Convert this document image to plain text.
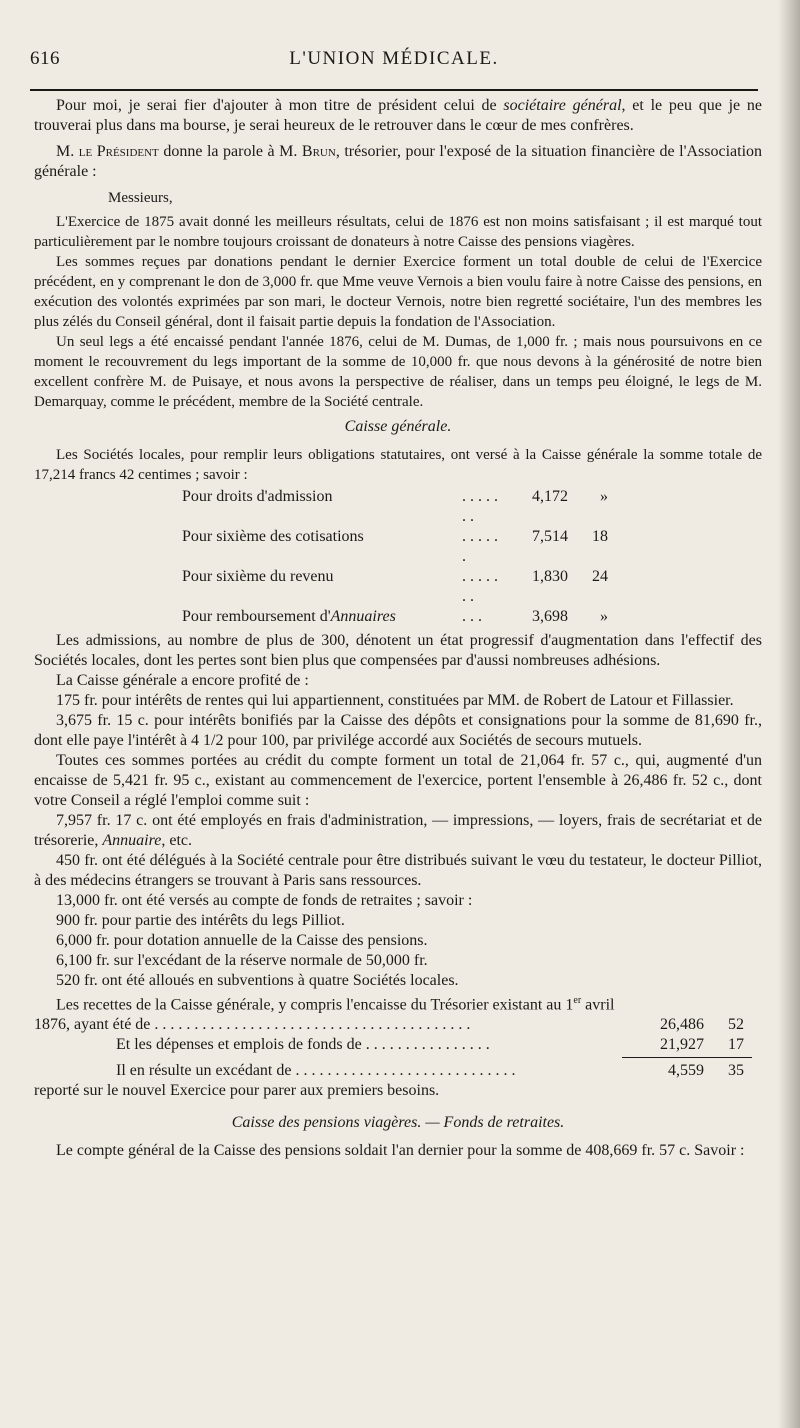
616	L'UNION MÉDICALE.

Pour moi, je serai fier d'ajouter à mon titre de président celui de sociétaire général, et le peu que je ne trouverai plus dans ma bourse, je serai heureux de le retrouver dans le cœur de mes confrères.

M. le Président donne la parole à M. Brun, trésorier, pour l'exposé de la situation financière de l'Association générale :

Messieurs,

L'Exercice de 1875 avait donné les meilleurs résultats, celui de 1876 est non moins satisfaisant ; il est marqué tout particulièrement par le nombre toujours croissant de donateurs à notre Caisse des pensions viagères.

Les sommes reçues par donations pendant le dernier Exercice forment un total double de celui de l'Exercice précédent, en y comprenant le don de 3,000 fr. que Mme veuve Vernois a bien voulu faire à notre Caisse des pensions, en exécution des volontés exprimées par son mari, le docteur Vernois, notre bien regretté sociétaire, l'un des membres les plus zélés du Conseil général, dont il faisait partie depuis la fondation de l'Association.

Un seul legs a été encaissé pendant l'année 1876, celui de M. Dumas, de 1,000 fr. ; mais nous poursuivons en ce moment le recouvrement du legs important de la somme de 10,000 fr. que nous devons à la générosité de notre bien excellent confrère M. de Puisaye, et nous avons la perspective de réaliser, dans un temps peu éloigné, le legs de M. Demarquay, comme le précédent, membre de la Société centrale.

Caisse générale.

Les Sociétés locales, pour remplir leurs obligations statutaires, ont versé à la Caisse générale la somme totale de 17,214 francs 42 centimes ; savoir :

Pour droits d'admission	. . . . . . .	4,172	»
Pour sixième des cotisations	. . . . . .	7,514	18
Pour sixième du revenu	. . . . . . .	1,830	24
Pour remboursement d'Annuaires	. . .	3,698	»

Les admissions, au nombre de plus de 300, dénotent un état progressif d'augmentation dans l'effectif des Sociétés locales, dont les pertes sont bien plus que compensées par d'aussi nombreuses adhésions.

La Caisse générale a encore profité de :

175 fr. pour intérêts de rentes qui lui appartiennent, constituées par MM. de Robert de Latour et Fillassier.

3,675 fr. 15 c. pour intérêts bonifiés par la Caisse des dépôts et consignations pour la somme de 81,690 fr., dont elle paye l'intérêt à 4 1/2 pour 100, par privilége accordé aux Sociétés de secours mutuels.

Toutes ces sommes portées au crédit du compte forment un total de 21,064 fr. 57 c., qui, augmenté d'un encaisse de 5,421 fr. 95 c., existant au commencement de l'exercice, portent l'ensemble à 26,486 fr. 52 c., dont votre Conseil a réglé l'emploi comme suit :

7,957 fr. 17 c. ont été employés en frais d'administration, — impressions, — loyers, frais de secrétariat et de trésorerie, Annuaire, etc.

450 fr. ont été délégués à la Société centrale pour être distribués suivant le vœu du testateur, le docteur Pilliot, à des médecins étrangers se trouvant à Paris sans ressources.

13,000 fr. ont été versés au compte de fonds de retraites ; savoir :

900 fr. pour partie des intérêts du legs Pilliot.

6,000 fr. pour dotation annuelle de la Caisse des pensions.

6,100 fr. sur l'excédant de la réserve normale de 50,000 fr.

520 fr. ont été alloués en subventions à quatre Sociétés locales.

Les recettes de la Caisse générale, y compris l'encaisse du Trésorier existant au 1er avril

1876, ayant été de . . . . . . . . . . . . . . . . . . . . . . . . . . . . . . . . . . . . . . . .	26,486	52
Et les dépenses et emplois de fonds de . . . . . . . . . . . . . . . .	21,927	17
Il en résulte un excédant de . . . . . . . . . . . . . . . . . . . . . . . . . . . .	4,559	35

reporté sur le nouvel Exercice pour parer aux premiers besoins.

Caisse des pensions viagères. — Fonds de retraites.

Le compte général de la Caisse des pensions soldait l'an dernier pour la somme de 408,669 fr. 57 c. Savoir :
